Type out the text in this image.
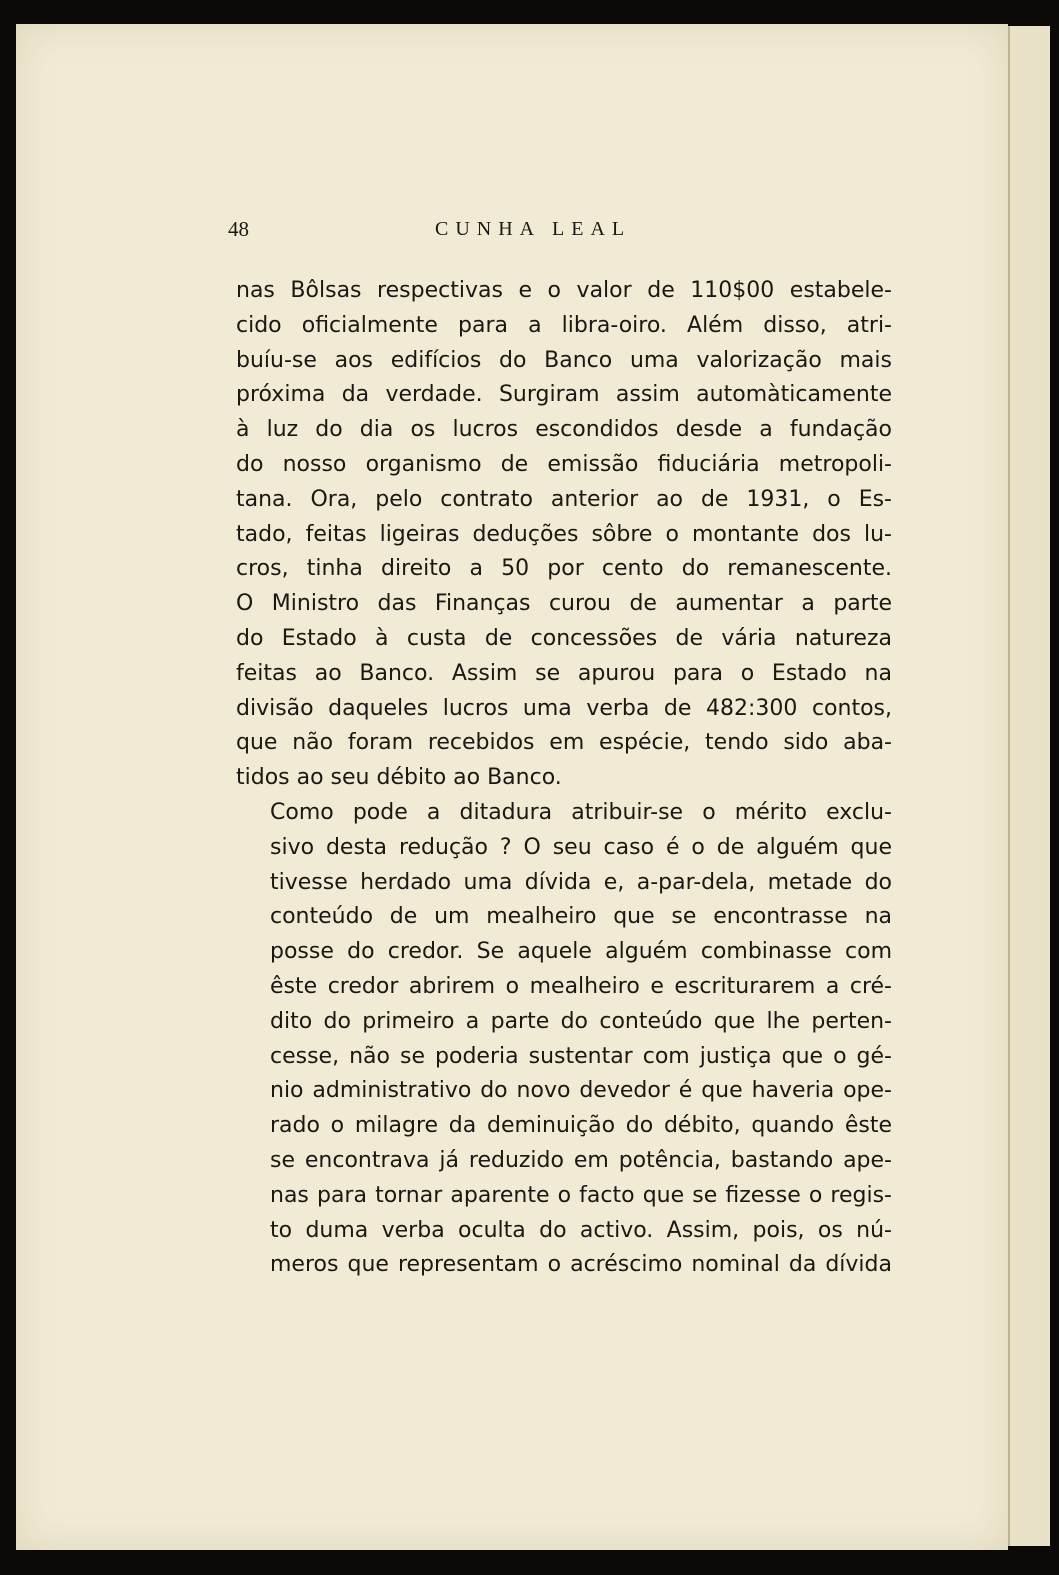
48	CUNHA LEAL

nas Bôlsas respectivas e o valor de 110$00 estabele-
cido oficialmente para a libra-oiro. Além disso, atri-
buíu-se aos edifícios do Banco uma valorização mais
próxima da verdade. Surgiram assim automàticamente
à luz do dia os lucros escondidos desde a fundação
do nosso organismo de emissão fiduciária metropoli-
tana. Ora, pelo contrato anterior ao de 1931, o Es-
tado, feitas ligeiras deduções sôbre o montante dos lu-
cros, tinha direito a 50 por cento do remanescente.
O Ministro das Finanças curou de aumentar a parte
do Estado à custa de concessões de vária natureza
feitas ao Banco. Assim se apurou para o Estado na
divisão daqueles lucros uma verba de 482:300 contos,
que não foram recebidos em espécie, tendo sido aba-
tidos ao seu débito ao Banco.

Como pode a ditadura atribuir-se o mérito exclu-
sivo desta redução ? O seu caso é o de alguém que
tivesse herdado uma dívida e, a-par-dela, metade do
conteúdo de um mealheiro que se encontrasse na
posse do credor. Se aquele alguém combinasse com
êste credor abrirem o mealheiro e escriturarem a cré-
dito do primeiro a parte do conteúdo que lhe perten-
cesse, não se poderia sustentar com justiça que o gé-
nio administrativo do novo devedor é que haveria ope-
rado o milagre da deminuição do débito, quando êste
se encontrava já reduzido em potência, bastando ape-
nas para tornar aparente o facto que se fizesse o regis-
to duma verba oculta do activo. Assim, pois, os nú-
meros que representam o acréscimo nominal da dívida
